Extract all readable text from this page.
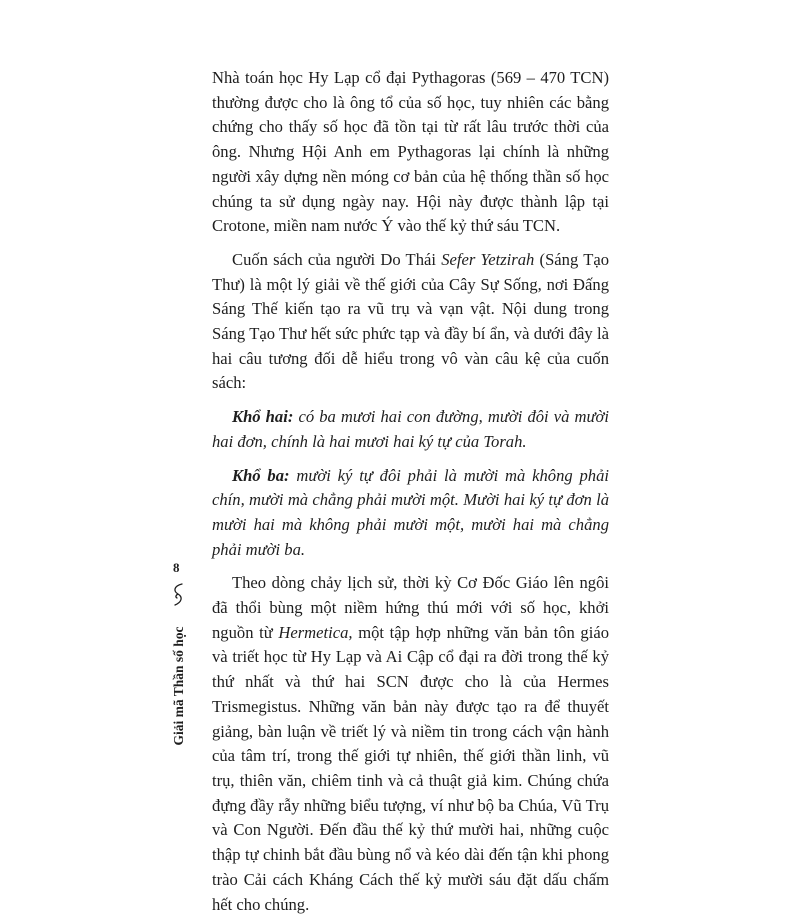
Nhà toán học Hy Lạp cổ đại Pythagoras (569 – 470 TCN) thường được cho là ông tổ của số học, tuy nhiên các bằng chứng cho thấy số học đã tồn tại từ rất lâu trước thời của ông. Nhưng Hội Anh em Pythagoras lại chính là những người xây dựng nền móng cơ bản của hệ thống thần số học chúng ta sử dụng ngày nay. Hội này được thành lập tại Crotone, miền nam nước Ý vào thế kỷ thứ sáu TCN.

Cuốn sách của người Do Thái Sefer Yetzirah (Sáng Tạo Thư) là một lý giải về thế giới của Cây Sự Sống, nơi Đấng Sáng Thế kiến tạo ra vũ trụ và vạn vật. Nội dung trong Sáng Tạo Thư hết sức phức tạp và đầy bí ẩn, và dưới đây là hai câu tương đối dễ hiểu trong vô vàn câu kệ của cuốn sách:

Khổ hai: có ba mươi hai con đường, mười đôi và mười hai đơn, chính là hai mươi hai ký tự của Torah.

Khổ ba: mười ký tự đôi phải là mười mà không phải chín, mười mà chẳng phải mười một. Mười hai ký tự đơn là mười hai mà không phải mười một, mười hai mà chẳng phải mười ba.

Theo dòng chảy lịch sử, thời kỳ Cơ Đốc Giáo lên ngôi đã thổi bùng một niềm hứng thú mới với số học, khởi nguồn từ Hermetica, một tập hợp những văn bản tôn giáo và triết học từ Hy Lạp và Ai Cập cổ đại ra đời trong thế kỷ thứ nhất và thứ hai SCN được cho là của Hermes Trismegistus. Những văn bản này được tạo ra để thuyết giảng, bàn luận về triết lý và niềm tin trong cách vận hành của tâm trí, trong thế giới tự nhiên, thế giới thần linh, vũ trụ, thiên văn, chiêm tinh và cả thuật giả kim. Chúng chứa đựng đầy rẫy những biểu tượng, ví như bộ ba Chúa, Vũ Trụ và Con Người. Đến đầu thế kỷ thứ mười hai, những cuộc thập tự chinh bắt đầu bùng nổ và kéo dài đến tận khi phong trào Cải cách Kháng Cách thế kỷ mười sáu đặt dấu chấm hết cho chúng.

8
Giải mã Thần số học
